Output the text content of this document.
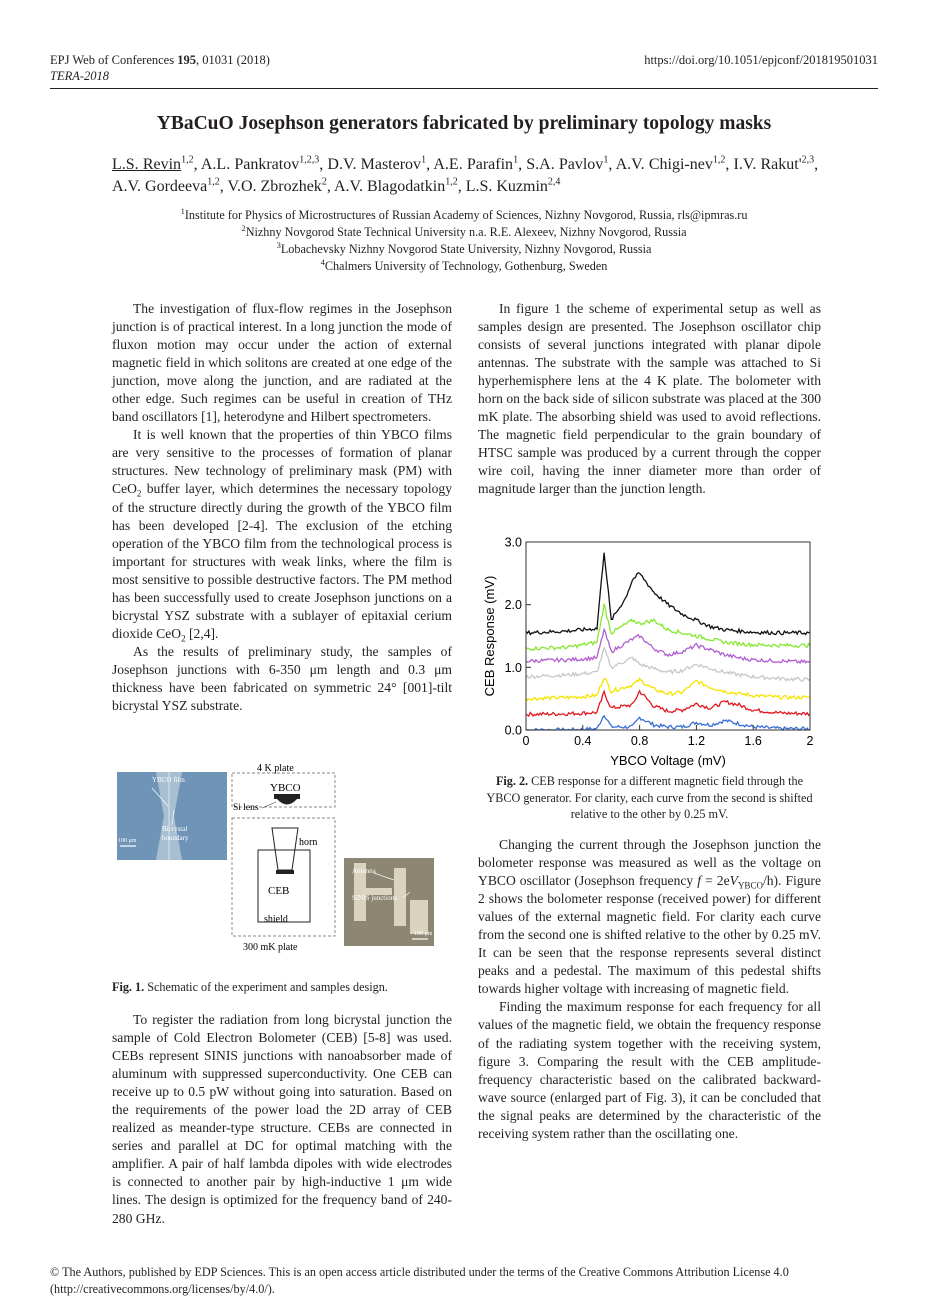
EPJ Web of Conferences 195, 01031 (2018)
TERA-2018
https://doi.org/10.1051/epjconf/201819501031
YBaCuO Josephson generators fabricated by preliminary topology masks
L.S. Revin$^{1,2}$, A.L. Pankratov$^{1,2,3}$, D.V. Masterov$^1$, A.E. Parafin$^1$, S.A. Pavlov$^1$, A.V. Chigi-nev$^{1,2}$, I.V. $Rakut'^{2,3}$, A.V. Gordeeva$^{1,2}$, V.O. Zbrozhek$^2$, A.V. Blagodatkin$^{1,2}$, L.S. Kuzmin$^{2,4}$
$^1$Institute for Physics of Microstructures of Russian Academy of Sciences, Nizhny Novgorod, Russia, rls@ipmras.ru
$^2$Nizhny Novgorod State Technical University n.a. R.E. Alexeev, Nizhny Novgorod, Russia
$^3$Lobachevsky Nizhny Novgorod State University, Nizhny Novgorod, Russia
$^4$Chalmers University of Technology, Gothenburg, Sweden

The investigation of flux-flow regimes in the Josephson junction is of practical interest. In a long junction the mode of fluxon motion may occur under the action of external magnetic field in which solitons are created at one edge of the junction, move along the junction, and are radiated at the other edge. Such regimes can be useful in creation of THz band oscillators [1], heterodyne and Hilbert spectrometers.

It is well known that the properties of thin YBCO films are very sensitive to the processes of formation of planar structures. New technology of preliminary mask (PM) with CeO$_2$ buffer layer, which determines the necessary topology of the structure directly during the growth of the YBCO film has been developed [2-4]. The exclusion of the etching operation of the YBCO film from the technological process is important for structures with weak links, where the film is most sensitive to possible destructive factors. The PM method has been successfully used to create Josephson junctions on a bicrystal YSZ substrate with a sublayer of epitaxial cerium dioxide CeO$_2$ [2,4].

As the results of preliminary study, the samples of Josephson junctions with 6-350 μm length and 0.3 μm thickness have been fabricated on symmetric 24° [001]-tilt bicrystal YSZ substrate.

YBCO film
Bicrystal
boundary
100 μm
4 K plate
YBCO
Si lens
horn
CEB
shield
300 mK plate
Antenna
SINIS junctions
100 μm
Fig. 1. Schematic of the experiment and samples design.

To register the radiation from long bicrystal junction the sample of Cold Electron Bolometer (CEB) [5-8] was used. CEBs represent SINIS junctions with nanoabsorber made of aluminum with suppressed superconductivity. One CEB can receive up to 0.5 pW without going into saturation. Based on the requirements of the power load the 2D array of CEB realized as meander-type structure. CEBs are connected in series and parallel at DC for optimal matching with the amplifier. A pair of half lambda dipoles with wide electrodes is connected to another pair by high-inductive 1 μm wide lines. The design is optimized for the frequency band of 240-280 GHz.

In figure 1 the scheme of experimental setup as well as samples design are presented. The Josephson oscillator chip consists of several junctions integrated with planar dipole antennas. The substrate with the sample was attached to Si hyperhemisphere lens at the 4 K plate. The bolometer with horn on the back side of silicon substrate was placed at the 300 mK plate. The absorbing shield was used to avoid reflections. The magnetic field perpendicular to the grain boundary of HTSC sample was produced by a current through the copper wire coil, having the inner diameter more than order of magnitude larger than the junction length.

0.0
1.0
2.0
3.0
0	0.4	0.8	1.2	1.6	2
YBCO Voltage (mV)
CEB Response (mV)
Fig. 2. CEB response for a different magnetic field through the YBCO generator. For clarity, each curve from the second is shifted relative to the other by 0.25 mV.

Changing the current through the Josephson junction the bolometer response was measured as well as the voltage on YBCO oscillator (Josephson frequency $f = 2eV_{YBCO}/h$). Figure 2 shows the bolometer response (received power) for different values of the external magnetic field. For clarity each curve from the second one is shifted relative to the other by 0.25 mV. It can be seen that the response represents several distinct peaks and a pedestal. The maximum of this pedestal shifts towards higher voltage with increasing of magnetic field.

Finding the maximum response for each frequency for all values of the magnetic field, we obtain the frequency response of the radiating system together with the receiving system, figure 3. Comparing the result with the CEB amplitude-frequency characteristic based on the calibrated backward-wave source (enlarged part of Fig. 3), it can be concluded that the signal peaks are determined by the characteristic of the receiving system rather than the oscillating one.

© The Authors, published by EDP Sciences. This is an open access article distributed under the terms of the Creative Commons Attribution License 4.0
(http://creativecommons.org/licenses/by/4.0/).
